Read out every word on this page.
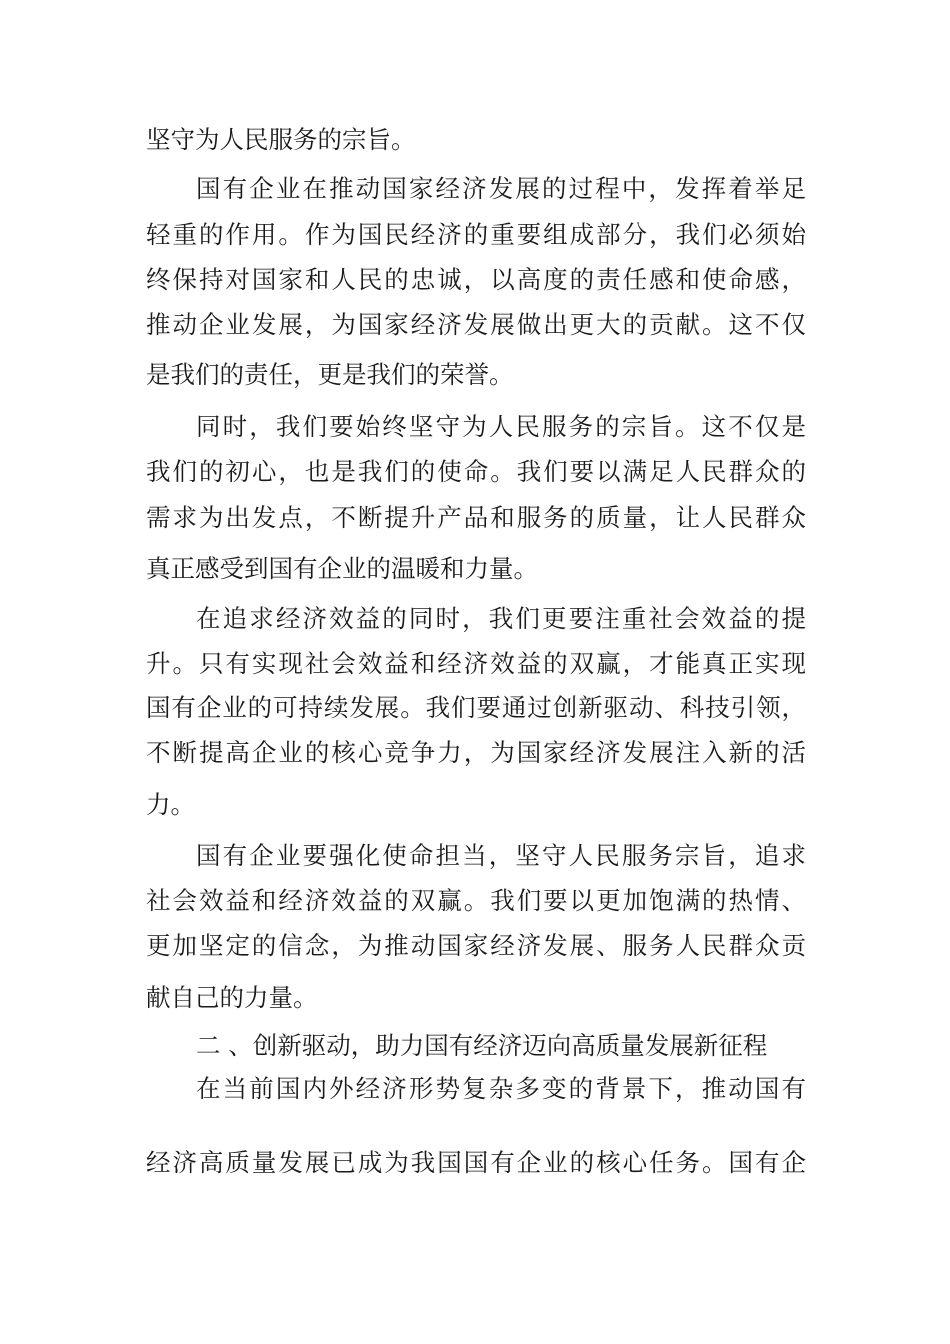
坚守为人民服务的宗旨。
国有企业在推动国家经济发展的过程中，发挥着举足
轻重的作用。作为国民经济的重要组成部分，我们必须始
终保持对国家和人民的忠诚，以高度的责任感和使命感，
推动企业发展，为国家经济发展做出更大的贡献。这不仅
是我们的责任，更是我们的荣誉。
同时，我们要始终坚守为人民服务的宗旨。这不仅是
我们的初心，也是我们的使命。我们要以满足人民群众的
需求为出发点，不断提升产品和服务的质量，让人民群众
真正感受到国有企业的温暖和力量。
在追求经济效益的同时，我们更要注重社会效益的提
升。只有实现社会效益和经济效益的双赢，才能真正实现
国有企业的可持续发展。我们要通过创新驱动、科技引领，
不断提高企业的核心竞争力，为国家经济发展注入新的活
力。
国有企业要强化使命担当，坚守人民服务宗旨，追求
社会效益和经济效益的双赢。我们要以更加饱满的热情、
更加坚定的信念，为推动国家经济发展、服务人民群众贡
献自己的力量。
二 、创新驱动，助力国有经济迈向高质量发展新征程
在当前国内外经济形势复杂多变的背景下，推动国有
经济高质量发展已成为我国国有企业的核心任务。国有企
